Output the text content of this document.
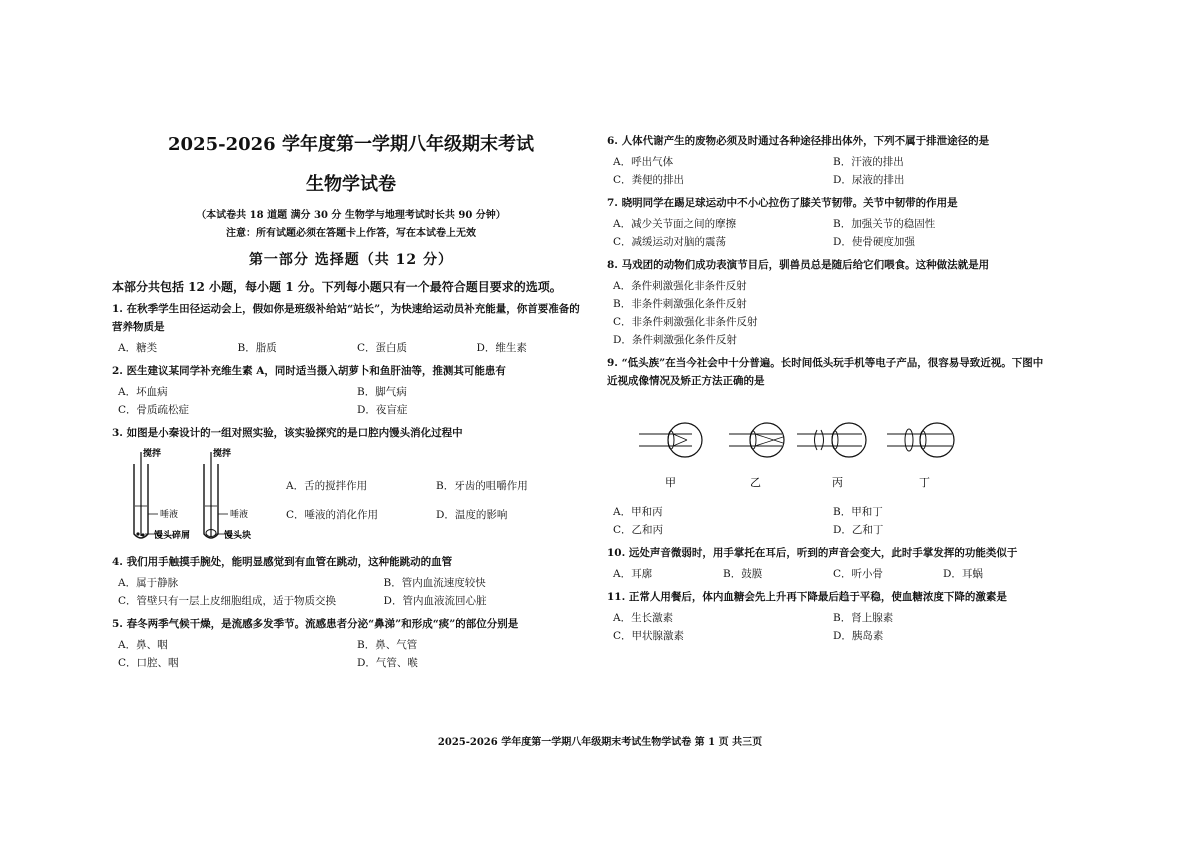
2025-2026 学年度第一学期八年级期末考试
生物学试卷
（本试卷共 18 道题 满分 30 分 生物学与地理考试时长共 90 分钟）
注意：所有试题必须在答题卡上作答，写在本试卷上无效
第一部分 选择题（共 12 分）
本部分共包括 12 小题，每小题 1 分。下列每小题只有一个最符合题目要求的选项。
1. 在秋季学生田径运动会上，假如你是班级补给站“站长”，为快速给运动员补充能量，你首要准备的营养物质是
A．糖类	B．脂质	C．蛋白质	D．维生素
2. 医生建议某同学补充维生素 A，同时适当摄入胡萝卜和鱼肝油等，推测其可能患有
A．坏血病	B．脚气病
C．骨质疏松症	D．夜盲症
3. 如图是小秦设计的一组对照实验，该实验探究的是口腔内馒头消化过程中
搅拌
唾液
馒头碎屑
搅拌
唾液
馒头块
A．舌的搅拌作用	B．牙齿的咀嚼作用
C．唾液的消化作用	D．温度的影响
4. 我们用手触摸手腕处，能明显感觉到有血管在跳动，这种能跳动的血管
A．属于静脉	B．管内血流速度较快
C．管壁只有一层上皮细胞组成，适于物质交换	D．管内血液流回心脏
5. 春冬两季气候干燥，是流感多发季节。流感患者分泌“鼻涕”和形成“痰”的部位分别是
A．鼻、咽	B．鼻、气管
C．口腔、咽	D．气管、喉
6. 人体代谢产生的废物必须及时通过各种途径排出体外，下列不属于排泄途径的是
A．呼出气体	B．汗液的排出
C．粪便的排出	D．尿液的排出
7. 晓明同学在踢足球运动中不小心拉伤了膝关节韧带。关节中韧带的作用是
A．减少关节面之间的摩擦	B．加强关节的稳固性
C．减缓运动对脑的震荡	D．使骨硬度加强
8. 马戏团的动物们成功表演节目后，驯兽员总是随后给它们喂食。这种做法就是用
A．条件刺激强化非条件反射
B．非条件刺激强化条件反射
C．非条件刺激强化非条件反射
D．条件刺激强化条件反射
9. “低头族”在当今社会中十分普遍。长时间低头玩手机等电子产品，很容易导致近视。下图中近视成像情况及矫正方法正确的是
甲	乙	丙	丁
A．甲和丙	B．甲和丁
C．乙和丙	D．乙和丁
10. 远处声音微弱时，用手掌托在耳后，听到的声音会变大，此时手掌发挥的功能类似于
A．耳廓	B．鼓膜	C．听小骨	D．耳蜗
11. 正常人用餐后，体内血糖会先上升再下降最后趋于平稳，使血糖浓度下降的激素是
A．生长激素	B．肾上腺素
C．甲状腺激素	D．胰岛素
2025-2026 学年度第一学期八年级期末考试生物学试卷 第 1 页 共三页
